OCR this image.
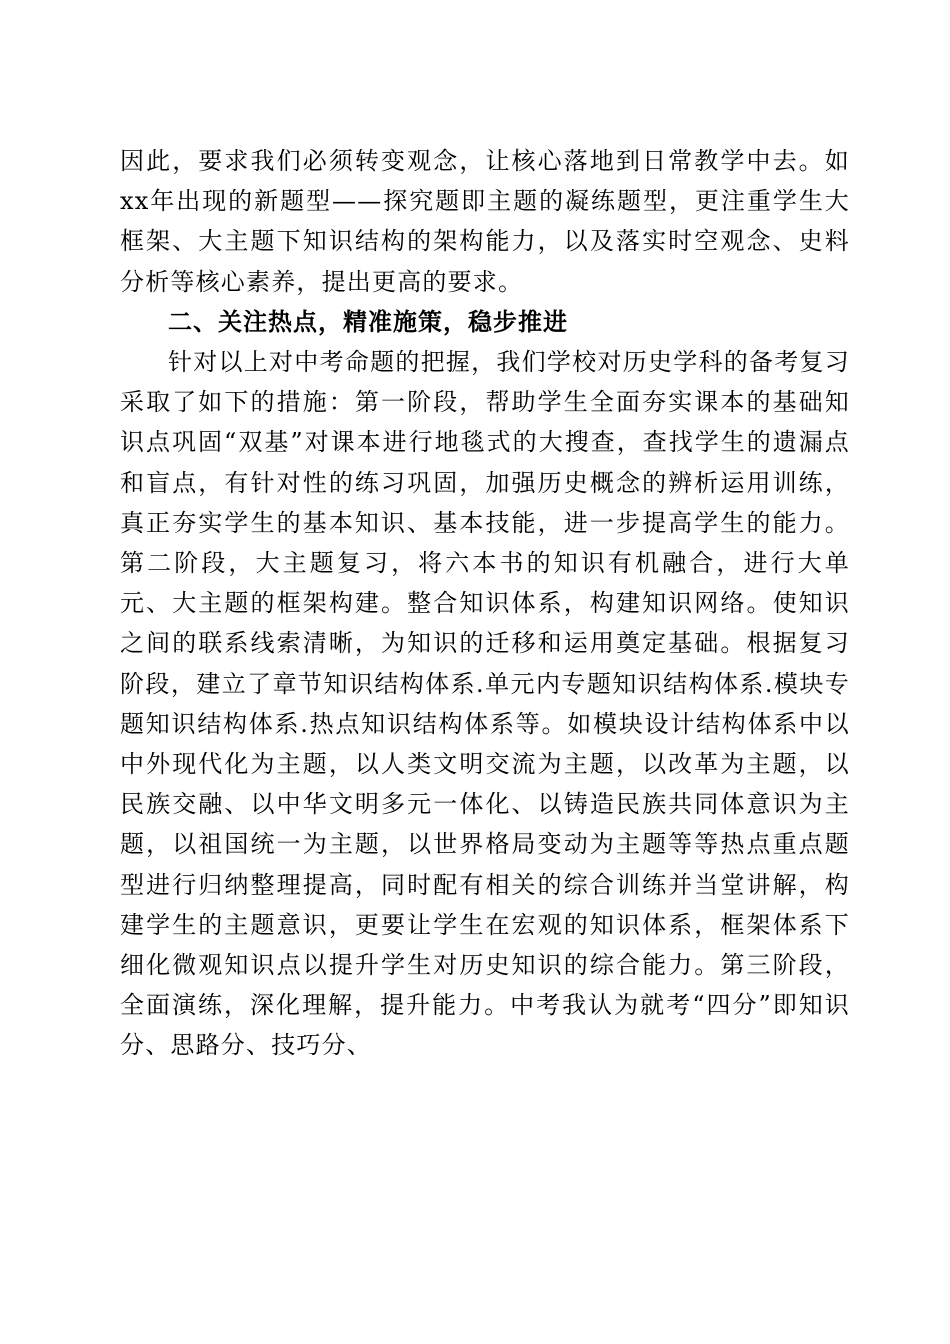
因此，要求我们必须转变观念，让核心落地到日常教学中去。如xx年出现的新题型——探究题即主题的凝练题型，更注重学生大框架、大主题下知识结构的架构能力，以及落实时空观念、史料分析等核心素养，提出更高的要求。

二、关注热点，精准施策，稳步推进

针对以上对中考命题的把握，我们学校对历史学科的备考复习采取了如下的措施：第一阶段，帮助学生全面夯实课本的基础知识点巩固“双基”对课本进行地毯式的大搜查，查找学生的遗漏点和盲点，有针对性的练习巩固，加强历史概念的辨析运用训练，真正夯实学生的基本知识、基本技能，进一步提高学生的能力。第二阶段，大主题复习，将六本书的知识有机融合，进行大单元、大主题的框架构建。整合知识体系，构建知识网络。使知识之间的联系线索清晰，为知识的迁移和运用奠定基础。根据复习阶段，建立了章节知识结构体系.单元内专题知识结构体系.模块专题知识结构体系.热点知识结构体系等。如模块设计结构体系中以中外现代化为主题，以人类文明交流为主题，以改革为主题，以民族交融、以中华文明多元一体化、以铸造民族共同体意识为主题，以祖国统一为主题，以世界格局变动为主题等等热点重点题型进行归纳整理提高，同时配有相关的综合训练并当堂讲解，构建学生的主题意识，更要让学生在宏观的知识体系，框架体系下细化微观知识点以提升学生对历史知识的综合能力。第三阶段，全面演练，深化理解，提升能力。中考我认为就考“四分”即知识分、思路分、技巧分、
